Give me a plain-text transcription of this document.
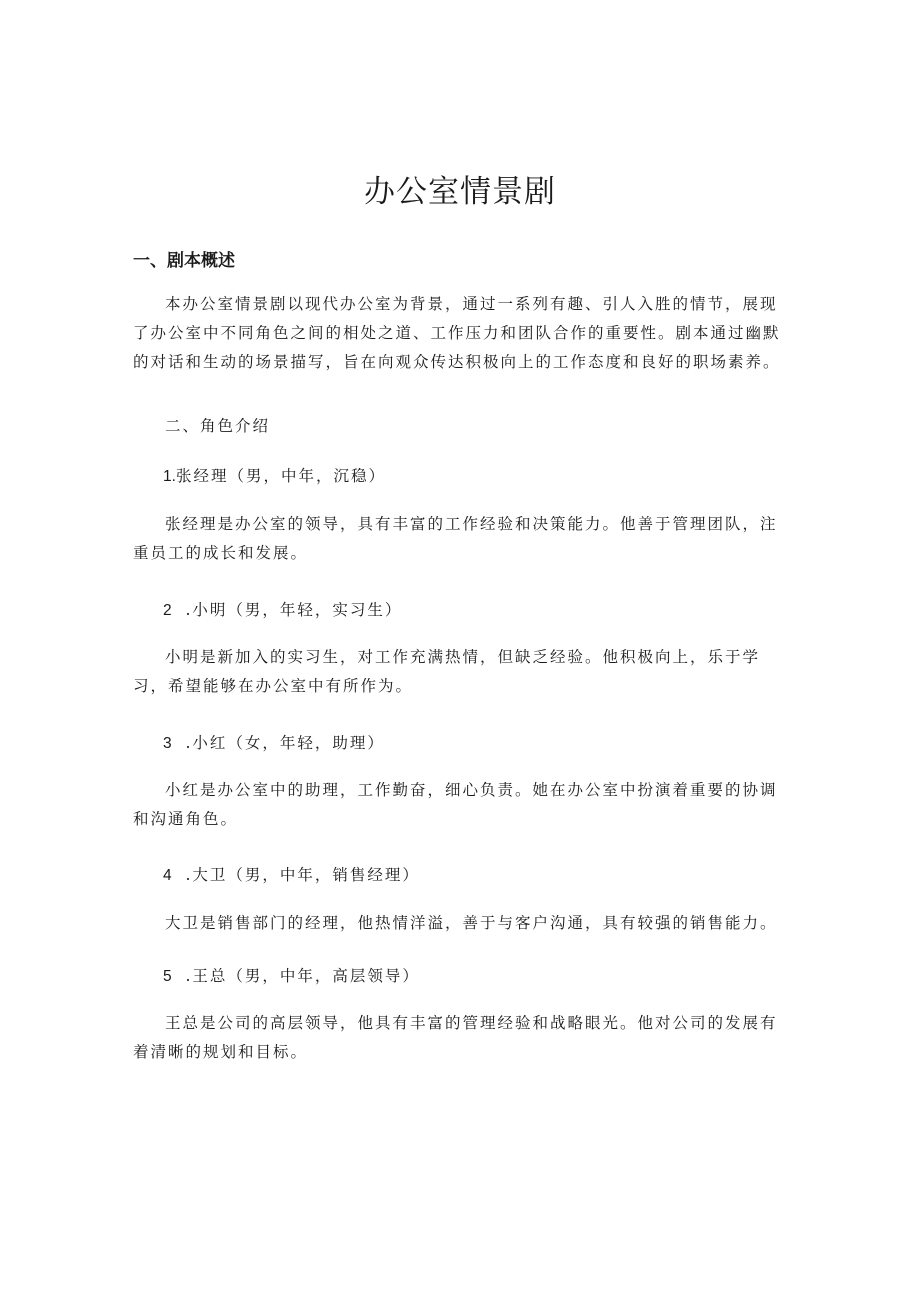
办公室情景剧
一、剧本概述

本办公室情景剧以现代办公室为背景，通过一系列有趣、引人入胜的情节，展现了办公室中不同角色之间的相处之道、工作压力和团队合作的重要性。剧本通过幽默的对话和生动的场景描写，旨在向观众传达积极向上的工作态度和良好的职场素养。

二、角色介绍

1.张经理（男，中年，沉稳）

张经理是办公室的领导，具有丰富的工作经验和决策能力。他善于管理团队，注重员工的成长和发展。

2 .小明（男，年轻，实习生）

小明是新加入的实习生，对工作充满热情，但缺乏经验。他积极向上，乐于学习，希望能够在办公室中有所作为。

3 .小红（女，年轻，助理）

小红是办公室中的助理，工作勤奋，细心负责。她在办公室中扮演着重要的协调和沟通角色。

4 .大卫（男，中年，销售经理）

大卫是销售部门的经理，他热情洋溢，善于与客户沟通，具有较强的销售能力。

5 .王总（男，中年，高层领导）

王总是公司的高层领导，他具有丰富的管理经验和战略眼光。他对公司的发展有着清晰的规划和目标。
